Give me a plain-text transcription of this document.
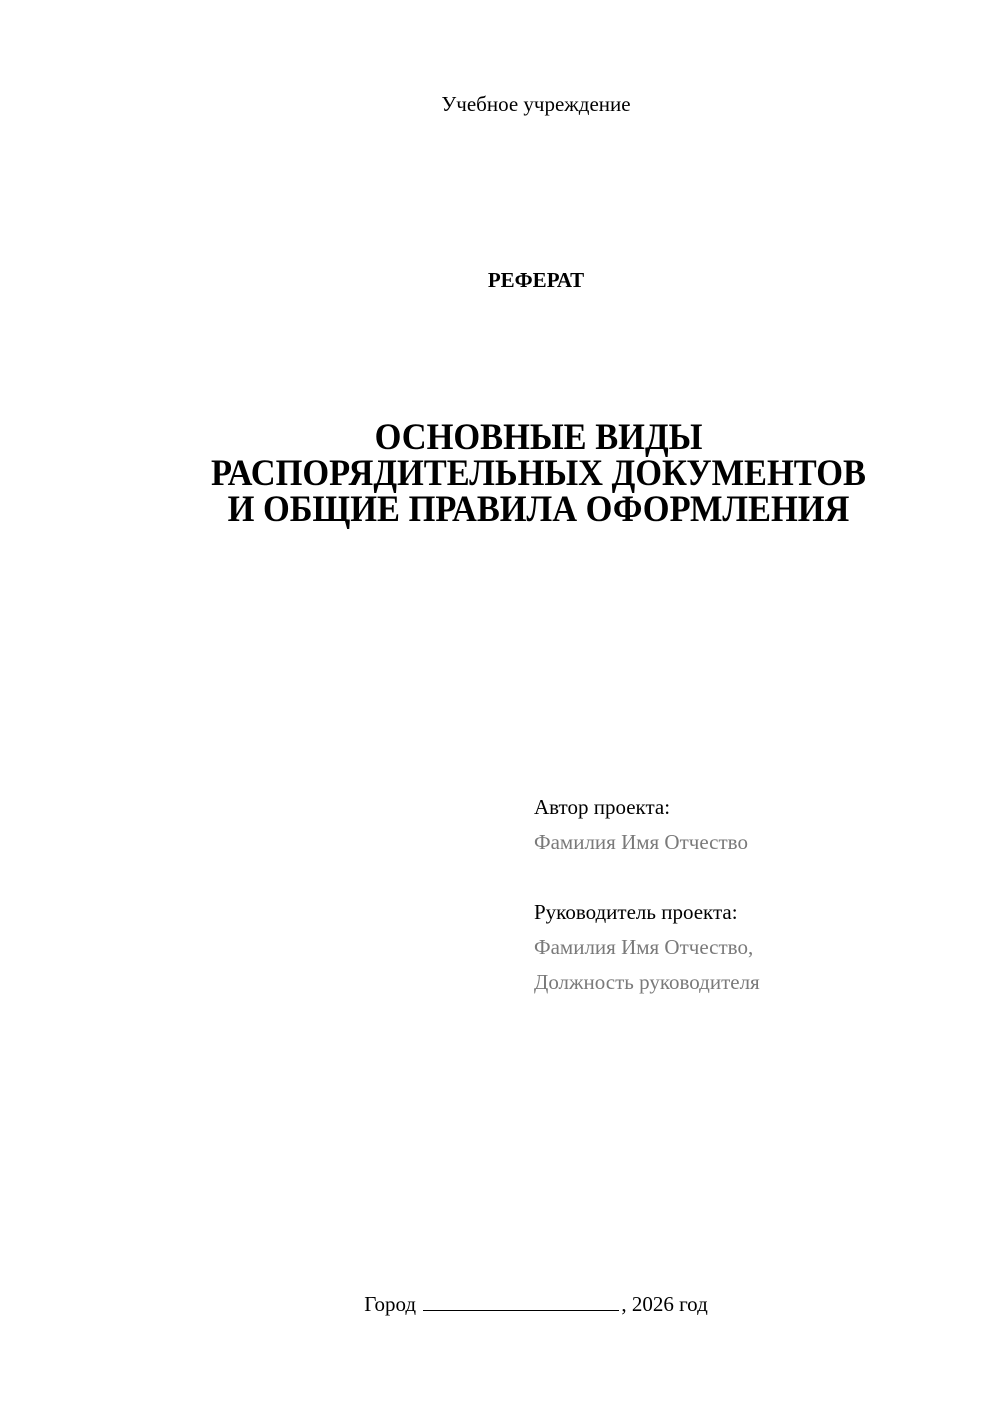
Учебное учреждение
РЕФЕРАТ
ОСНОВНЫЕ ВИДЫ
РАСПОРЯДИТЕЛЬНЫХ ДОКУМЕНТОВ
И ОБЩИЕ ПРАВИЛА ОФОРМЛЕНИЯ
Автор проекта:
Фамилия Имя Отчество
Руководитель проекта:
Фамилия Имя Отчество,
Должность руководителя
Город	, 2026 год
